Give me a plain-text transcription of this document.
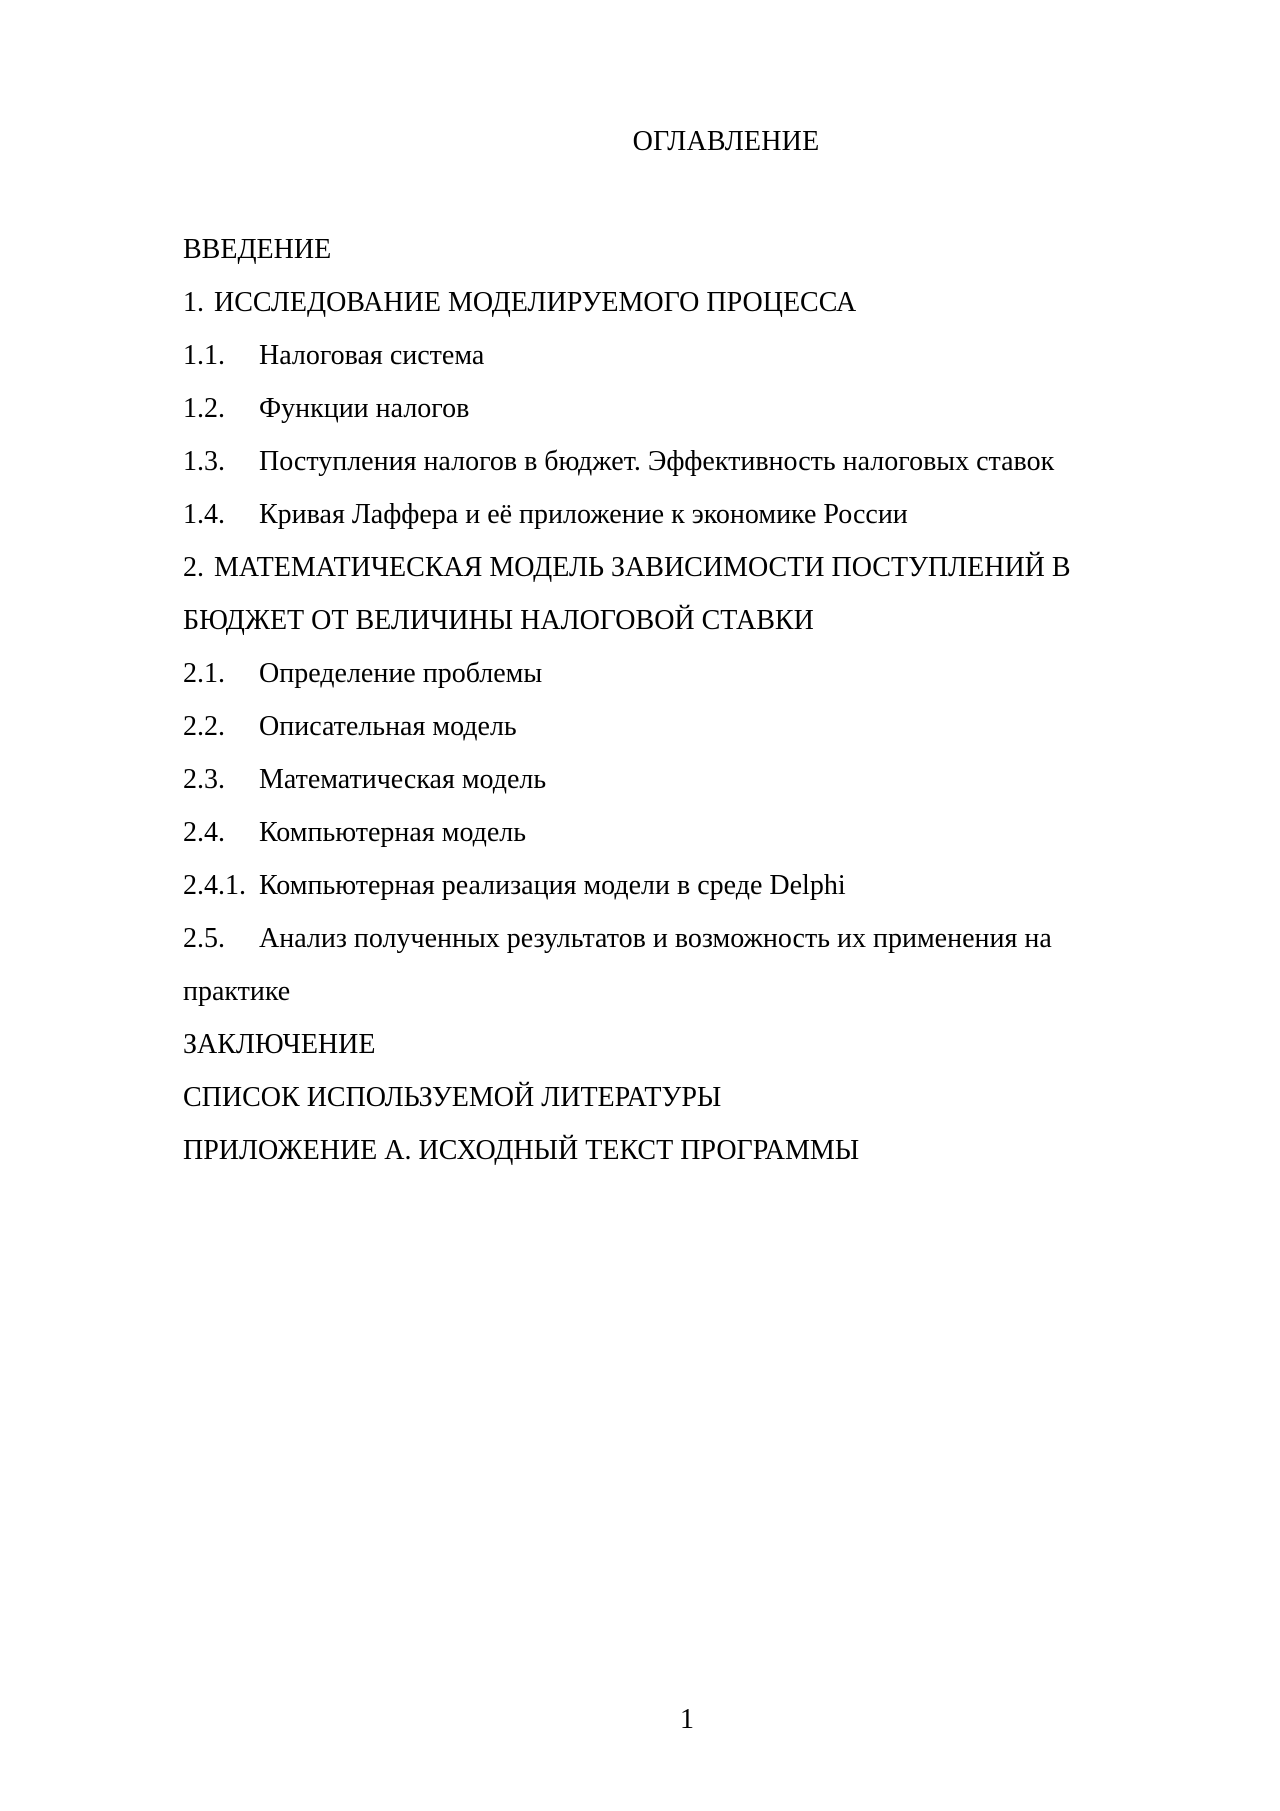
ОГЛАВЛЕНИЕ
ВВЕДЕНИЕ
1. ИССЛЕДОВАНИЕ МОДЕЛИРУЕМОГО ПРОЦЕССА
1.1. Налоговая система
1.2. Функции налогов
1.3. Поступления налогов в бюджет. Эффективность налоговых ставок
1.4. Кривая Лаффера и её приложение к экономике России
2. МАТЕМАТИЧЕСКАЯ МОДЕЛЬ ЗАВИСИМОСТИ ПОСТУПЛЕНИЙ В
БЮДЖЕТ ОТ ВЕЛИЧИНЫ НАЛОГОВОЙ СТАВКИ
2.1. Определение проблемы
2.2. Описательная модель
2.3. Математическая модель
2.4. Компьютерная модель
2.4.1. Компьютерная реализация модели в среде Delphi
2.5. Анализ полученных результатов и возможность их применения на
практике
ЗАКЛЮЧЕНИЕ
СПИСОК ИСПОЛЬЗУЕМОЙ ЛИТЕРАТУРЫ
ПРИЛОЖЕНИЕ А. ИСХОДНЫЙ ТЕКСТ ПРОГРАММЫ
1
